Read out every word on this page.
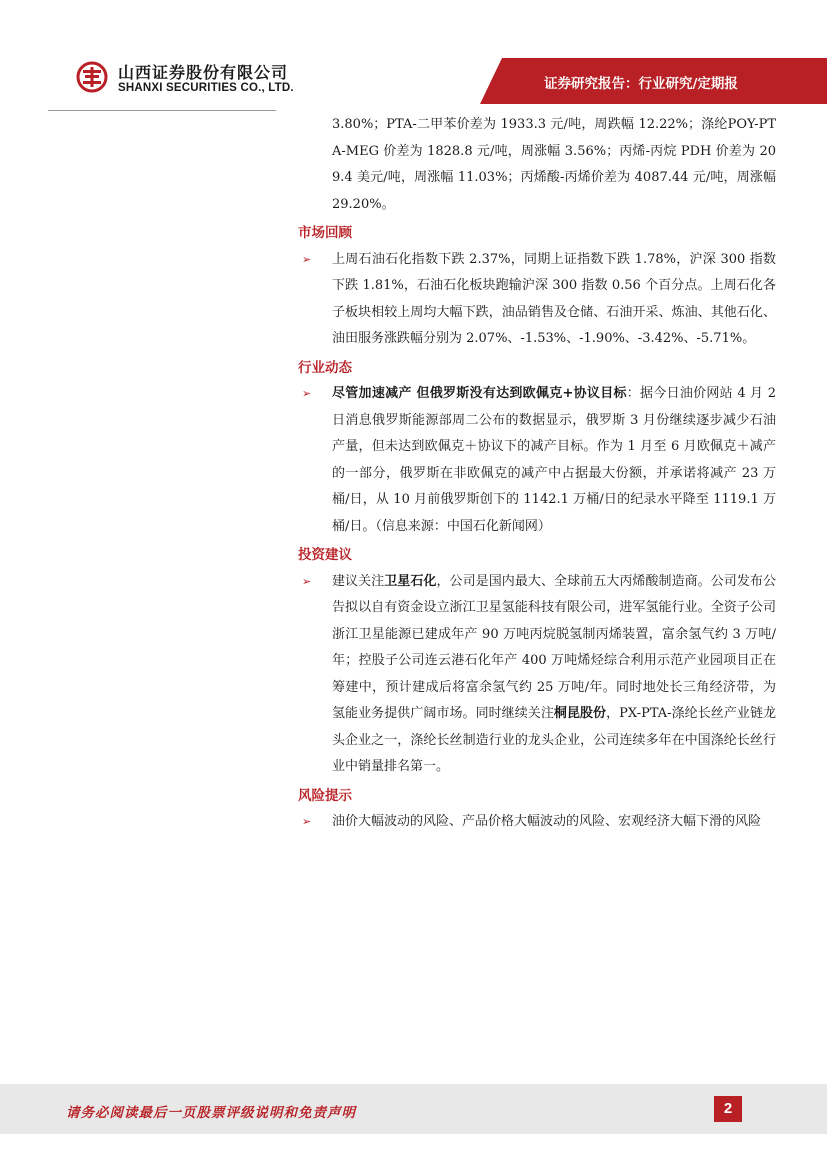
山西证券股份有限公司
SHANXI SECURITIES CO., LTD.	证券研究报告：行业研究/定期报

3.80%；PTA-二甲苯价差为 1933.3 元/吨，周跌幅 12.22%；涤纶POY-PTA-MEG 价差为 1828.8 元/吨，周涨幅 3.56%；丙烯-丙烷 PDH 价差为 209.4 美元/吨，周涨幅 11.03%；丙烯酸-丙烯价差为 4087.44 元/吨，周涨幅 29.20%。

市场回顾

➢ 上周石油石化指数下跌 2.37%，同期上证指数下跌 1.78%，沪深 300 指数下跌 1.81%，石油石化板块跑输沪深 300 指数 0.56 个百分点。上周石化各子板块相较上周均大幅下跌，油品销售及仓储、石油开采、炼油、其他石化、油田服务涨跌幅分别为 2.07%、-1.53%、-1.90%、-3.42%、-5.71%。

行业动态

➢ 尽管加速减产 但俄罗斯没有达到欧佩克+协议目标：据今日油价网站 4 月 2 日消息俄罗斯能源部周二公布的数据显示，俄罗斯 3 月份继续逐步减少石油产量，但未达到欧佩克＋协议下的减产目标。作为 1 月至 6 月欧佩克＋减产的一部分，俄罗斯在非欧佩克的减产中占据最大份额，并承诺将减产 23 万桶/日，从 10 月前俄罗斯创下的 1142.1 万桶/日的纪录水平降至 1119.1 万桶/日。（信息来源：中国石化新闻网）

投资建议

➢ 建议关注卫星石化，公司是国内最大、全球前五大丙烯酸制造商。公司发布公告拟以自有资金设立浙江卫星氢能科技有限公司，进军氢能行业。全资子公司浙江卫星能源已建成年产 90 万吨丙烷脱氢制丙烯装置，富余氢气约 3 万吨/年；控股子公司连云港石化年产 400 万吨烯烃综合利用示范产业园项目正在筹建中，预计建成后将富余氢气约 25 万吨/年。同时地处长三角经济带，为氢能业务提供广阔市场。同时继续关注桐昆股份，PX-PTA-涤纶长丝产业链龙头企业之一，涤纶长丝制造行业的龙头企业，公司连续多年在中国涤纶长丝行业中销量排名第一。

风险提示

➢ 油价大幅波动的风险、产品价格大幅波动的风险、宏观经济大幅下滑的风险

请务必阅读最后一页股票评级说明和免责声明	2
